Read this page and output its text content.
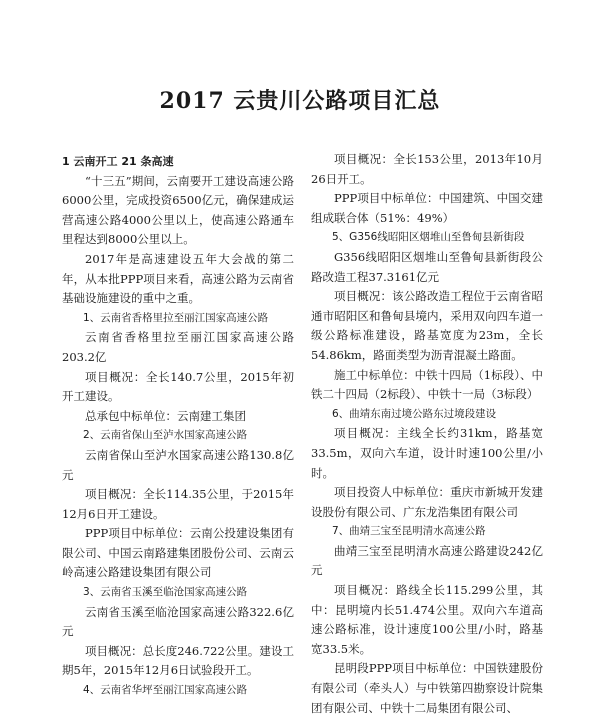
2017 云贵川公路项目汇总

1 云南开工 21 条高速

“十三五”期间，云南要开工建设高速公路6000公里，完成投资6500亿元，确保建成运营高速公路4000公里以上，使高速公路通车里程达到8000公里以上。

2017年是高速建设五年大会战的第二年，从本批PPP项目来看，高速公路为云南省基础设施建设的重中之重。

1、云南省香格里拉至丽江国家高速公路

云南省香格里拉至丽江国家高速公路203.2亿

项目概况：全长140.7公里，2015年初开工建设。

总承包中标单位：云南建工集团

2、云南省保山至泸水国家高速公路

云南省保山至泸水国家高速公路130.8亿元

项目概况：全长114.35公里，于2015年12月6日开工建设。

PPP项目中标单位：云南公投建设集团有限公司、中国云南路建集团股份公司、云南云岭高速公路建设集团有限公司

3、云南省玉溪至临沧国家高速公路

云南省玉溪至临沧国家高速公路322.6亿元

项目概况：总长度246.722公里。建设工期5年，2015年12月6日试验段开工。

4、云南省华坪至丽江国家高速公路

项目概况：全长153公里，2013年10月26日开工。

PPP项目中标单位：中国建筑、中国交建组成联合体（51%：49%）

5、G356线昭阳区烟堆山至鲁甸县新街段

G356线昭阳区烟堆山至鲁甸县新街段公路改造工程37.3161亿元

项目概况：该公路改造工程位于云南省昭通市昭阳区和鲁甸县境内，采用双向四车道一级公路标准建设，路基宽度为23m，全长54.86km，路面类型为沥青混凝土路面。

施工中标单位：中铁十四局（1标段）、中铁二十四局（2标段）、中铁十一局（3标段）

6、曲靖东南过境公路东过境段建设

项目概况：主线全长约31km，路基宽33.5m，双向六车道，设计时速100公里/小时。

项目投资人中标单位：重庆市新城开发建设股份有限公司、广东龙浩集团有限公司

7、曲靖三宝至昆明清水高速公路

曲靖三宝至昆明清水高速公路建设242亿元

项目概况：路线全长115.299公里，其中：昆明境内长51.474公里。双向六车道高速公路标准，设计速度100公里/小时，路基宽33.5米。

昆明段PPP项目中标单位：中国铁建股份有限公司（牵头人）与中铁第四勘察设计院集团有限公司、中铁十二局集团有限公司、
